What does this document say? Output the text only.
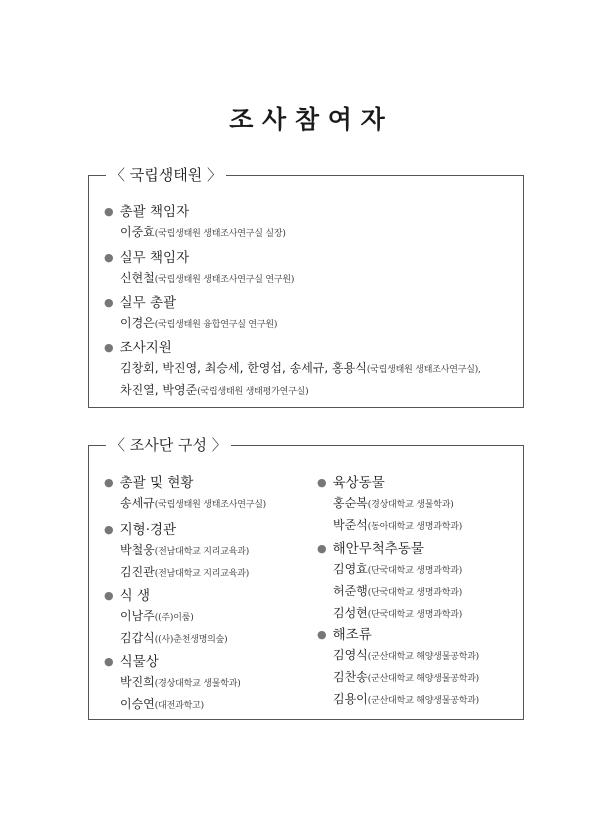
조 사 참 여 자
〈 국립생태원 〉
● 총괄 책임자
이중효(국립생태원 생태조사연구실 실장)
● 실무 책임자
신현철(국립생태원 생태조사연구실 연구원)
● 실무 총괄
이경은(국립생태원 융합연구실 연구원)
● 조사지원
김창회, 박진영, 최승세, 한영섭, 송세규, 홍용식(국립생태원 생태조사연구실),
차진열, 박영준(국립생태원 생태평가연구실)
〈 조사단 구성 〉
● 총괄 및 현황
송세규(국립생태원 생태조사연구실)
● 지형·경관
박철웅(전남대학교 지리교육과)
김진관(전남대학교 지리교육과)
● 식 생
이남주((주)이룸)
김갑식((사)춘천생명의숲)
● 식물상
박진희(경상대학교 생물학과)
이승연(대전과학고)
● 육상동물
홍순복(경상대학교 생물학과)
박준석(동아대학교 생명과학과)
● 해안무척추동물
김영효(단국대학교 생명과학과)
허준행(단국대학교 생명과학과)
김성현(단국대학교 생명과학과)
● 해조류
김영식(군산대학교 해양생물공학과)
김찬송(군산대학교 해양생물공학과)
김용이(군산대학교 해양생물공학과)
